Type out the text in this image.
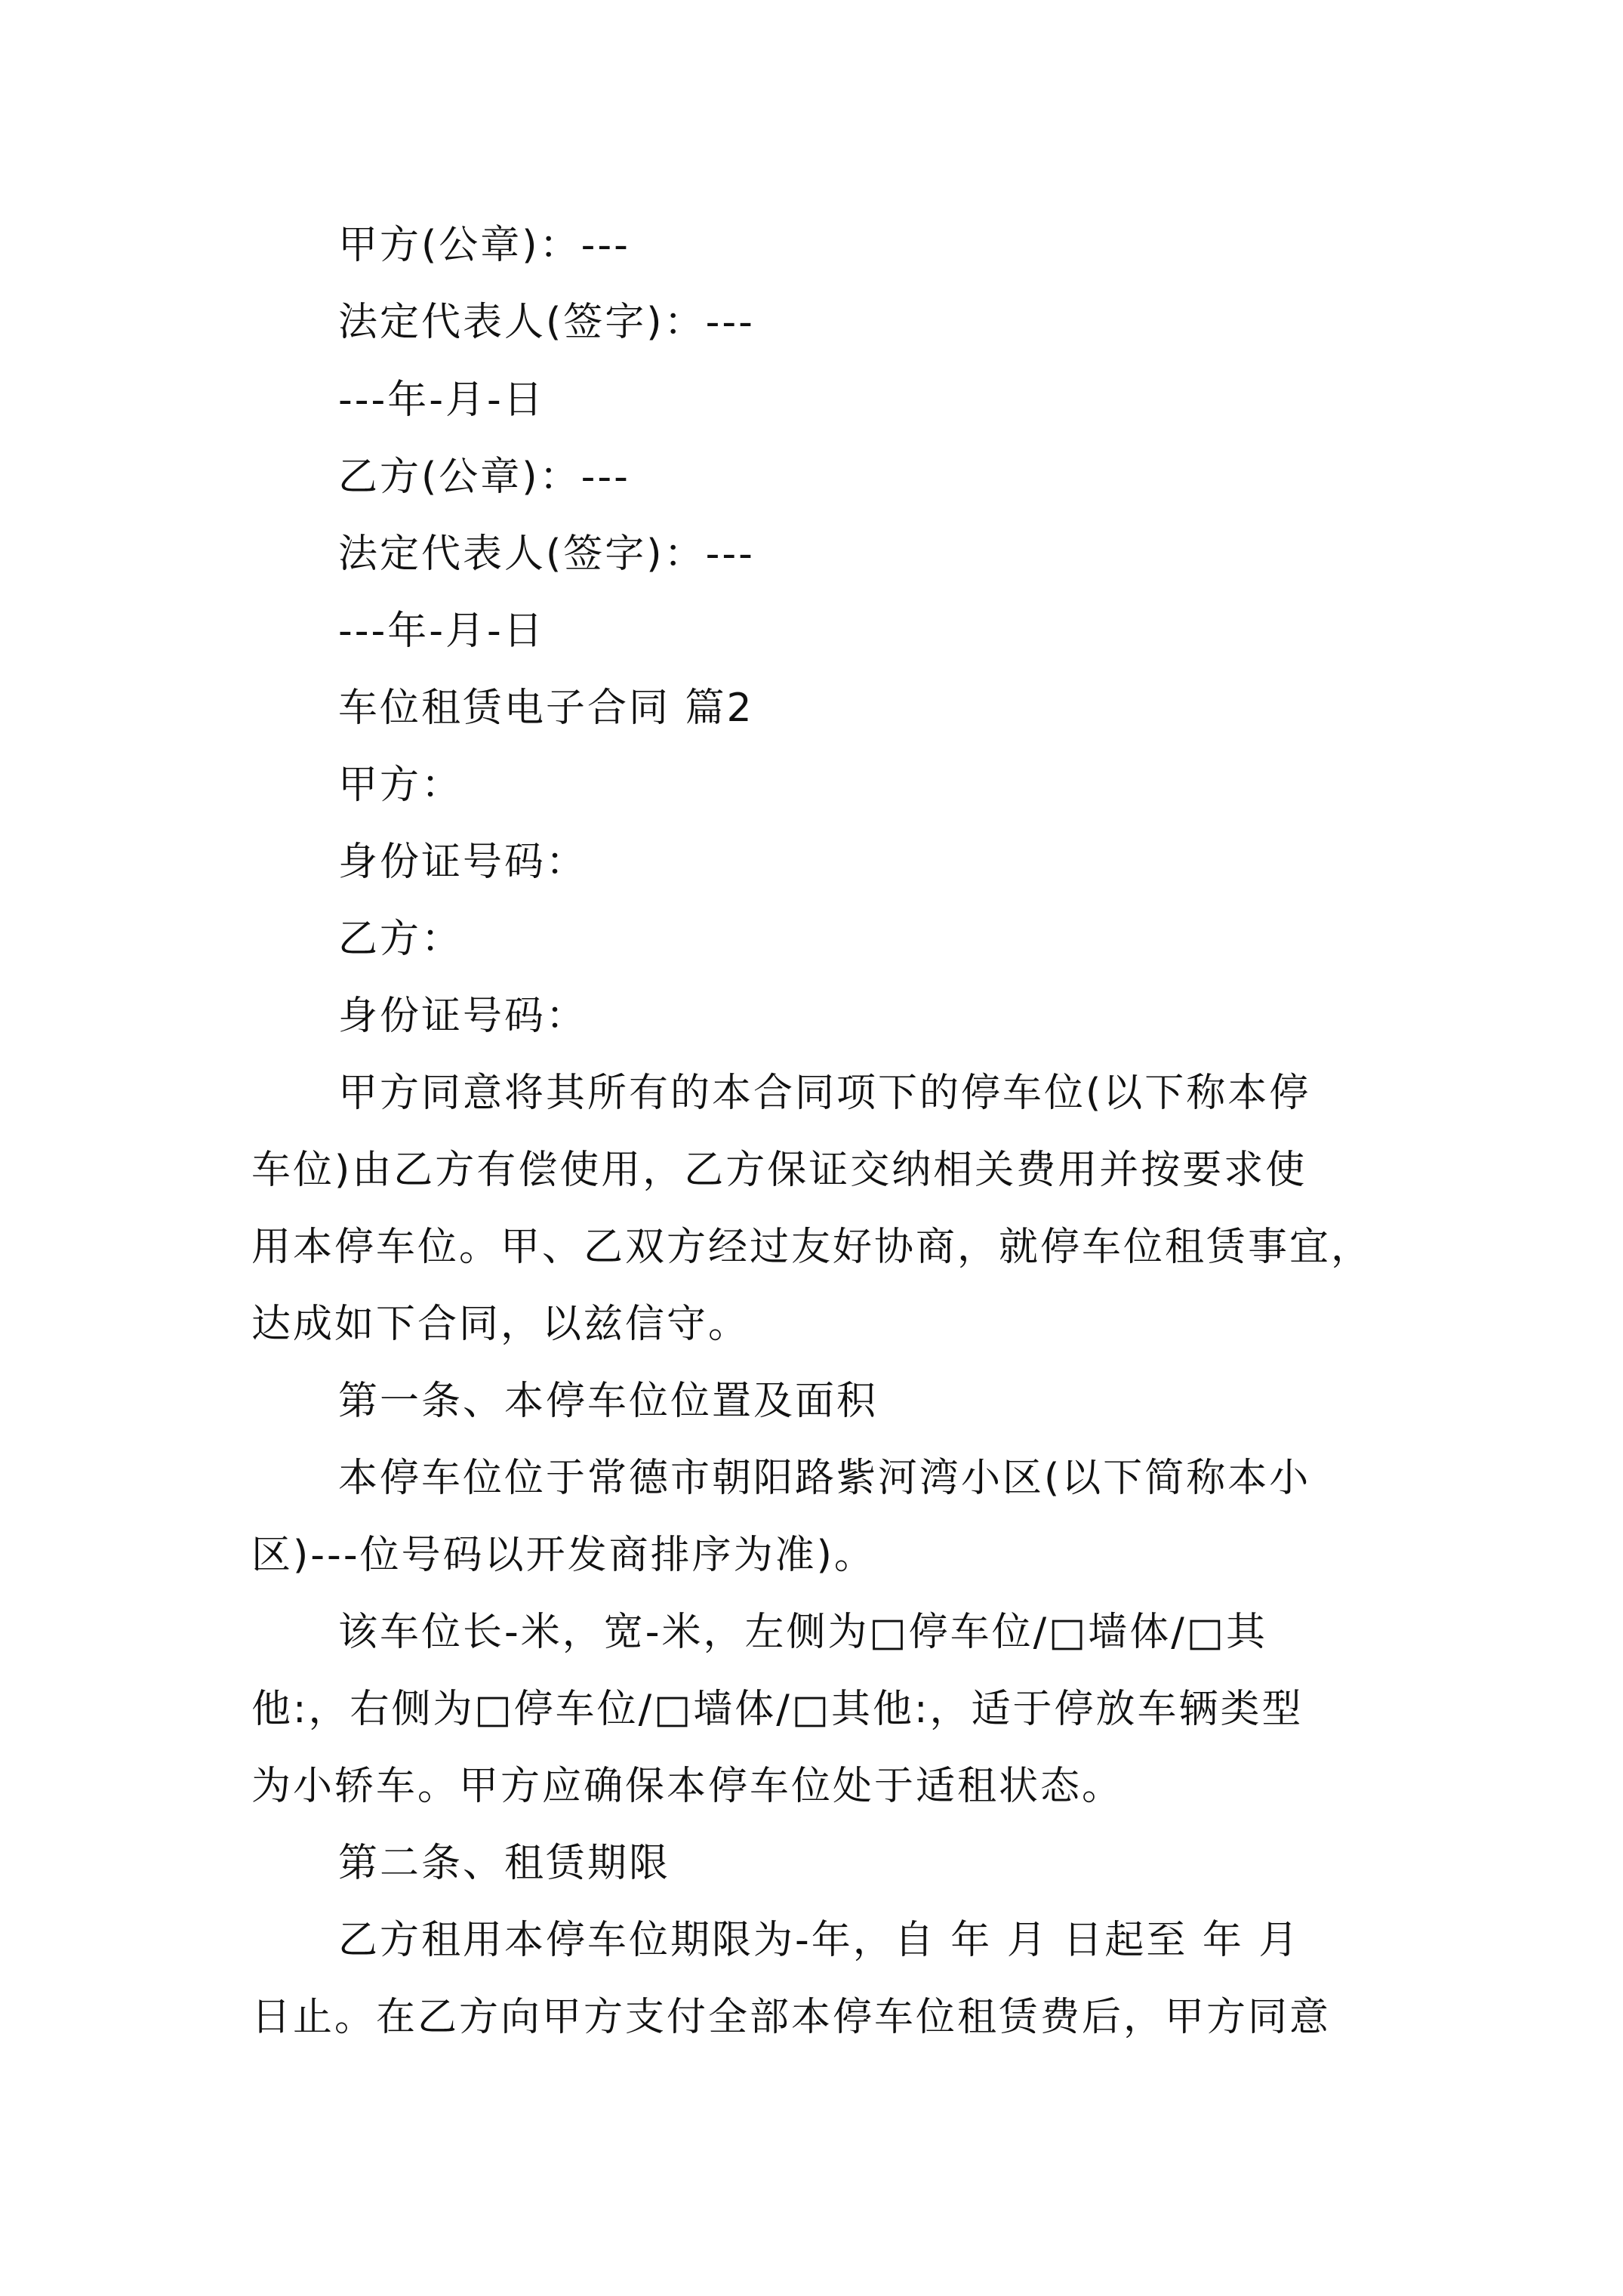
甲方(公章)：---
法定代表人(签字)：---
---年-月-日
乙方(公章)：---
法定代表人(签字)：---
---年-月-日
车位租赁电子合同 篇2
甲方：
身份证号码：
乙方：
身份证号码：
甲方同意将其所有的本合同项下的停车位(以下称本停
车位)由乙方有偿使用，乙方保证交纳相关费用并按要求使
用本停车位。甲、乙双方经过友好协商，就停车位租赁事宜，
达成如下合同，以兹信守。
第一条、本停车位位置及面积
本停车位位于常德市朝阳路紫河湾小区(以下简称本小
区)---位号码以开发商排序为准)。
该车位长-米，宽-米，左侧为□停车位/□墙体/□其
他:，右侧为□停车位/□墙体/□其他:，适于停放车辆类型
为小轿车。甲方应确保本停车位处于适租状态。
第二条、租赁期限
乙方租用本停车位期限为-年，自 年 月 日起至 年 月
日止。在乙方向甲方支付全部本停车位租赁费后，甲方同意
